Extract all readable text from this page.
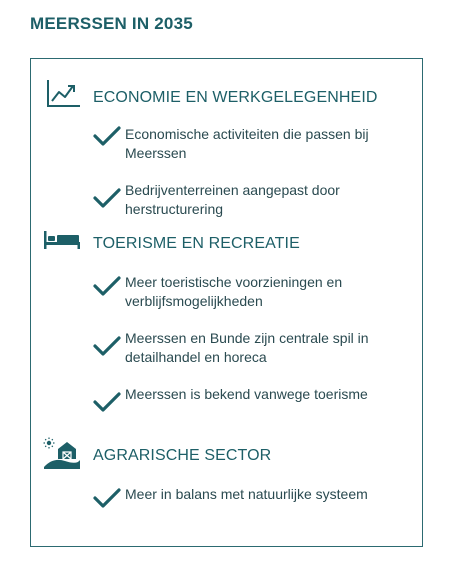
MEERSSEN IN 2035
ECONOMIE EN WERKGELEGENHEID
Economische activiteiten die passen bij Meerssen
Bedrijventerreinen aangepast door herstructurering
TOERISME EN RECREATIE
Meer toeristische voorzieningen en verblijfsmogelijkheden
Meerssen en Bunde zijn centrale spil in detailhandel en horeca
Meerssen is bekend vanwege toerisme
AGRARISCHE SECTOR
Meer in balans met natuurlijke systeem
